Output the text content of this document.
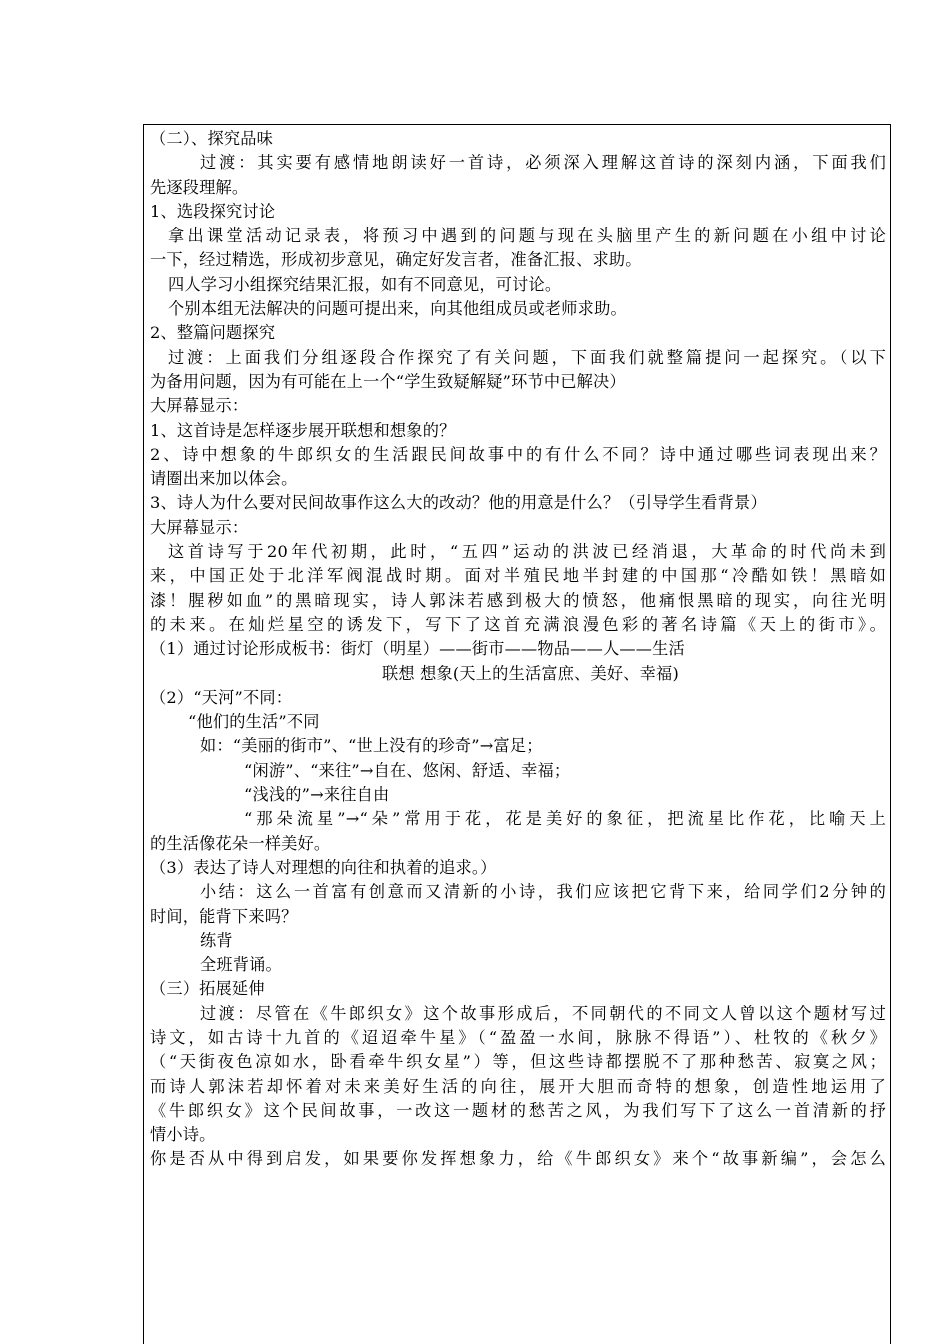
（二）、探究品味
过渡：其实要有感情地朗读好一首诗，必须深入理解这首诗的深刻内涵，下面我们
先逐段理解。
1、选段探究讨论
拿出课堂活动记录表，将预习中遇到的问题与现在头脑里产生的新问题在小组中讨论
一下，经过精选，形成初步意见，确定好发言者，准备汇报、求助。
四人学习小组探究结果汇报，如有不同意见，可讨论。
个别本组无法解决的问题可提出来，向其他组成员或老师求助。
2、整篇问题探究
过渡：上面我们分组逐段合作探究了有关问题，下面我们就整篇提问一起探究。（以下
为备用问题，因为有可能在上一个“学生致疑解疑”环节中已解决）
大屏幕显示：
1、这首诗是怎样逐步展开联想和想象的？
2、诗中想象的牛郎织女的生活跟民间故事中的有什么不同？诗中通过哪些词表现出来？
请圈出来加以体会。
3、诗人为什么要对民间故事作这么大的改动？他的用意是什么？（引导学生看背景）
大屏幕显示：
这首诗写于20年代初期，此时，“五四”运动的洪波已经消退，大革命的时代尚未到
来，中国正处于北洋军阀混战时期。面对半殖民地半封建的中国那“冷酷如铁！黑暗如
漆！腥秽如血”的黑暗现实，诗人郭沫若感到极大的愤怒，他痛恨黑暗的现实，向往光明
的未来。在灿烂星空的诱发下，写下了这首充满浪漫色彩的著名诗篇《天上的街市》。
（1）通过讨论形成板书：街灯（明星）——街市——物品——人——生活
联想 想象(天上的生活富庶、美好、幸福)
（2）“天河”不同：
“他们的生活”不同
如：“美丽的街市”、“世上没有的珍奇”→富足；
“闲游”、“来往”→自在、悠闲、舒适、幸福；
“浅浅的”→来往自由
“那朵流星”→“朵”常用于花，花是美好的象征，把流星比作花，比喻天上
的生活像花朵一样美好。
（3）表达了诗人对理想的向往和执着的追求。）
小结：这么一首富有创意而又清新的小诗，我们应该把它背下来，给同学们2分钟的
时间，能背下来吗？
练背
全班背诵。
（三）拓展延伸
过渡：尽管在《牛郎织女》这个故事形成后，不同朝代的不同文人曾以这个题材写过
诗文，如古诗十九首的《迢迢牵牛星》（“盈盈一水间，脉脉不得语”）、杜牧的《秋夕》
（“天街夜色凉如水，卧看牵牛织女星”）等，但这些诗都摆脱不了那种愁苦、寂寞之风；
而诗人郭沫若却怀着对未来美好生活的向往，展开大胆而奇特的想象，创造性地运用了
《牛郎织女》这个民间故事，一改这一题材的愁苦之风，为我们写下了这么一首清新的抒
情小诗。
你是否从中得到启发，如果要你发挥想象力，给《牛郎织女》来个“故事新编”，会怎么
